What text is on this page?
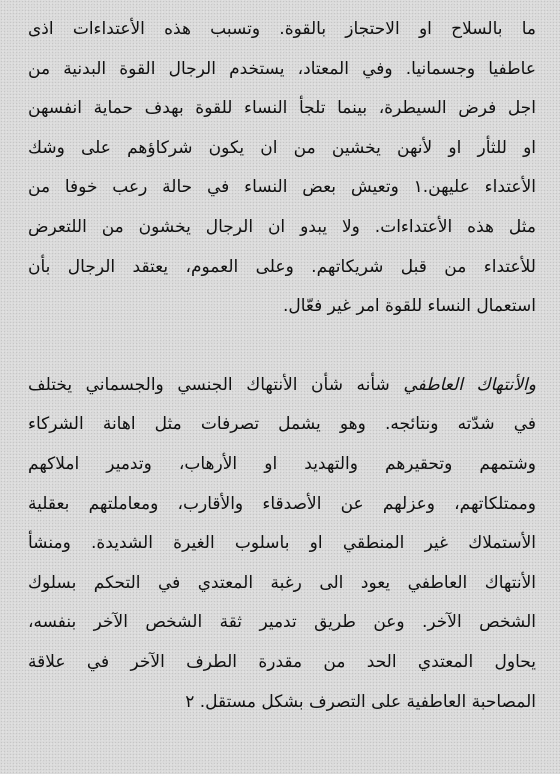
ما بالسلاح او الاحتجاز بالقوة. وتسبب هذه الأعتداءات اذى
عاطفيا وجسمانيا. وفي المعتاد، يستخدم الرجال القوة البدنية من
اجل فرض السيطرة، بينما تلجأ النساء للقوة بهدف حماية انفسهن
او للثأر او لأنهن يخشين من ان يكون شركاؤهم على وشك
الأعتداء عليهن.١ وتعيش بعض النساء في حالة رعب خوفا من
مثل هذه الأعتداءات. ولا يبدو ان الرجال يخشون من اللتعرض
للأعتداء من قبل شريكاتهم. وعلى العموم، يعتقد الرجال بأن
استعمال النساء للقوة امر غير فعّال.
والأنتهاك العاطفي شأنه شأن الأنتهاك الجنسي والجسماني يختلف
في شدّته ونتائجه. وهو يشمل تصرفات مثل اهانة الشركاء
وشتمهم وتحقيرهم والتهديد او الأرهاب، وتدمير املاكهم
وممتلكاتهم، وعزلهم عن الأصدقاء والأقارب، ومعاملتهم بعقلية
الأستملاك غير المنطقي او باسلوب الغيرة الشديدة. ومنشأ
الأنتهاك العاطفي يعود الى رغبة المعتدي في التحكم بسلوك
الشخص الآخر. وعن طريق تدمير ثقة الشخص الآخر بنفسه،
يحاول المعتدي الحد من مقدرة الطرف الآخر في علاقة
المصاحبة العاطفية على التصرف بشكل مستقل. ٢
